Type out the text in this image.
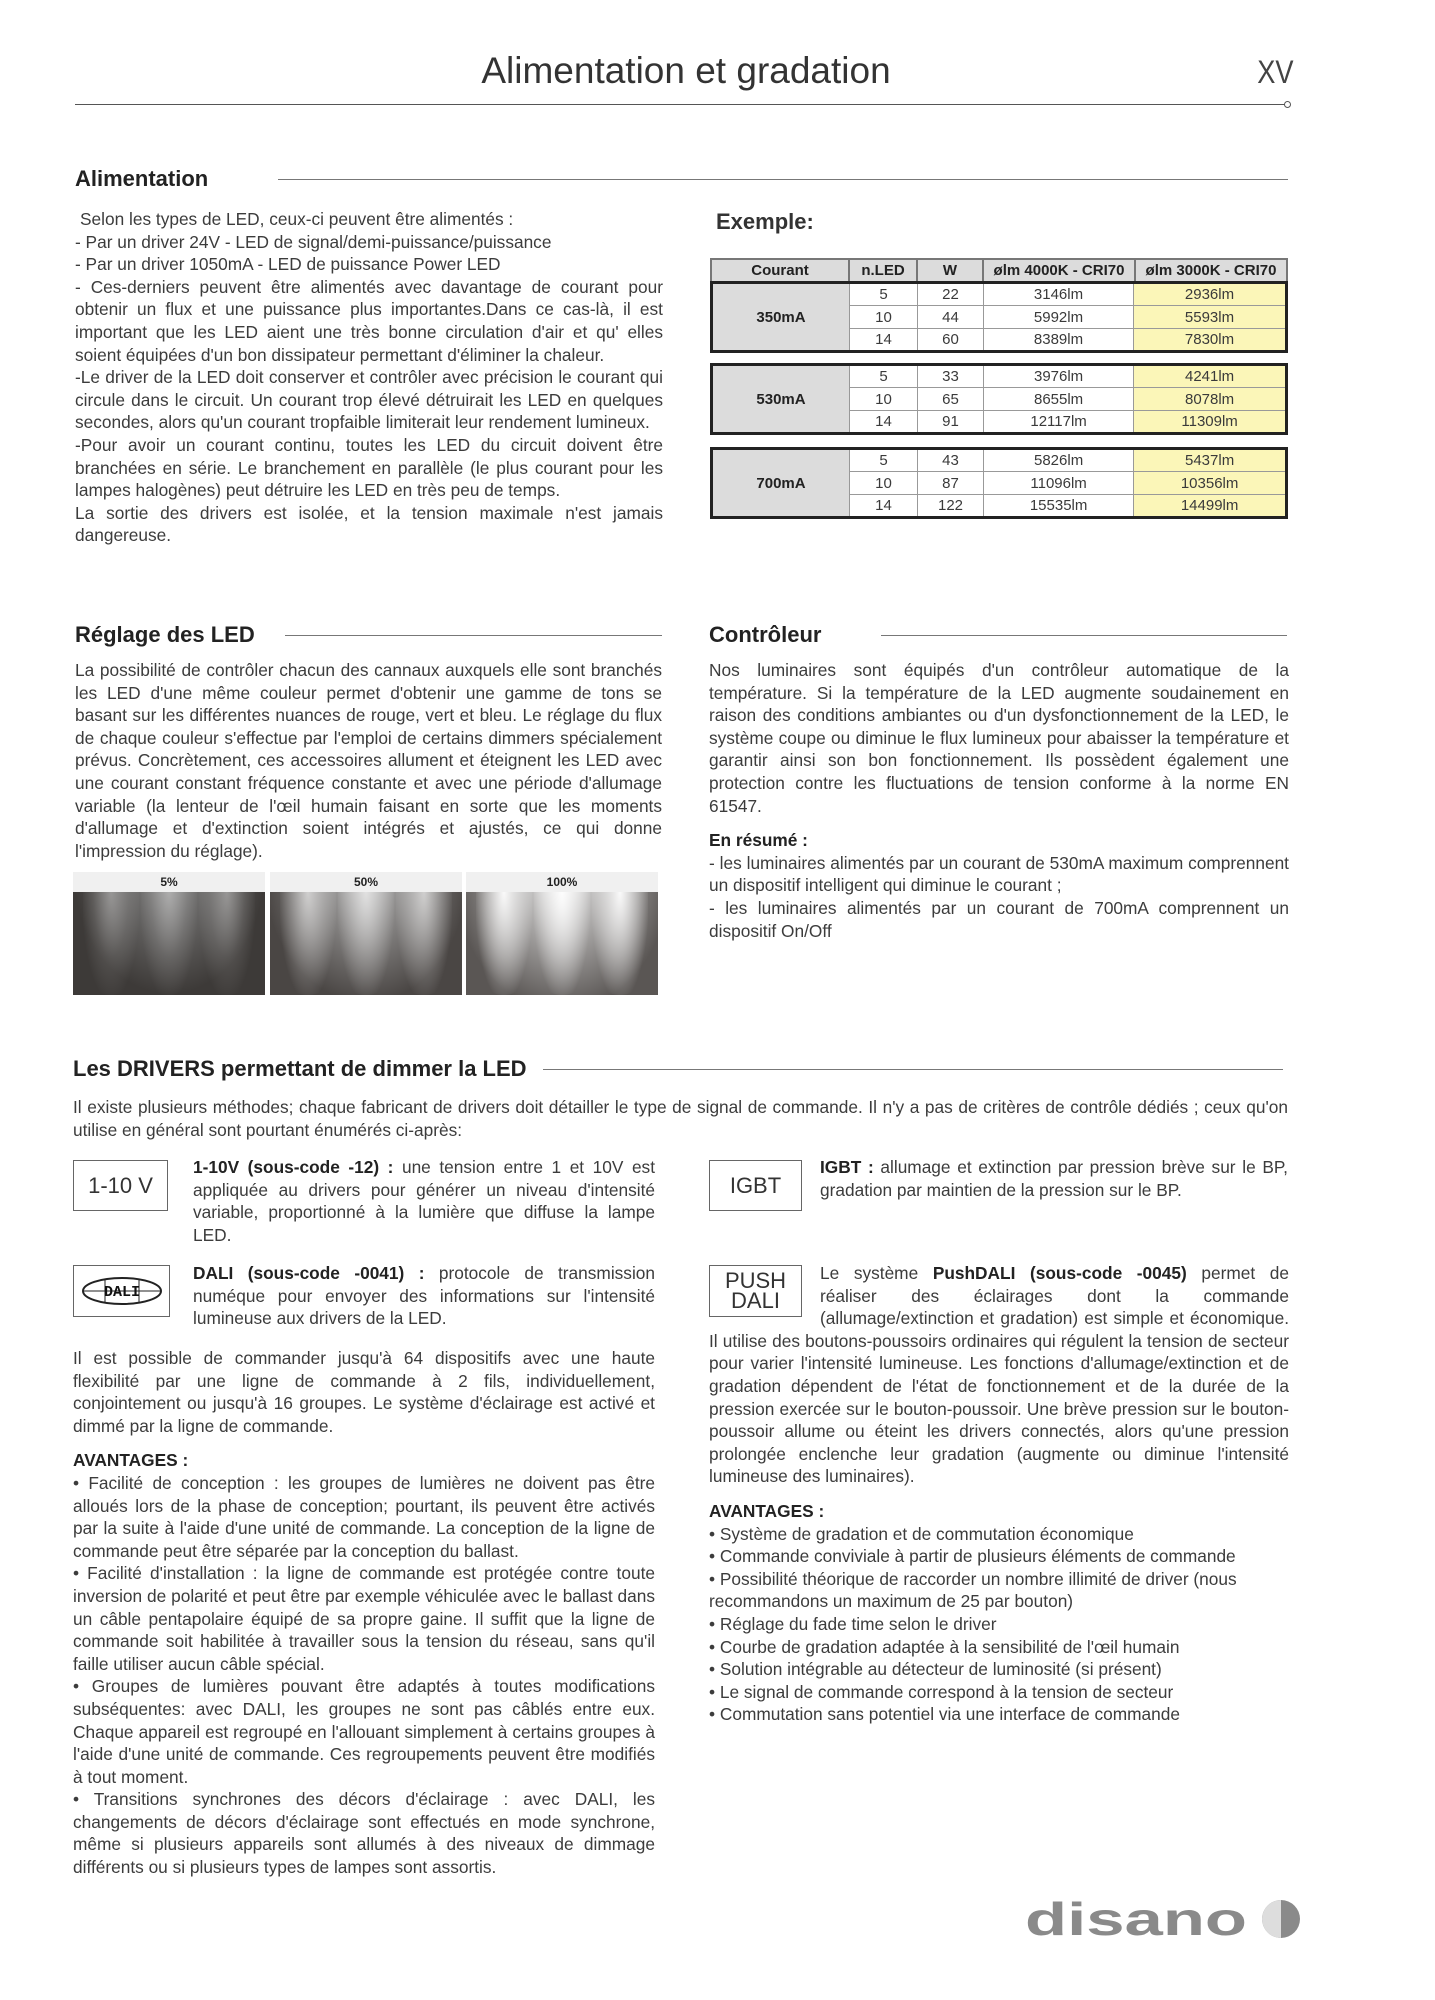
Alimentation et gradation	XV
Alimentation

Selon les types de LED, ceux-ci peuvent être alimentés :

- Par un driver 24V - LED de signal/demi-puissance/puissance

- Par un driver 1050mA - LED de puissance Power LED

- Ces-derniers peuvent être alimentés avec davantage de courant pour obtenir un flux et une puissance plus importantes.Dans ce cas-là, il est important que les LED aient une très bonne circulation d'air et qu' elles soient équipées d'un bon dissipateur permettant d'éliminer la chaleur.

-Le driver de la LED doit conserver et contrôler avec précision le courant qui circule dans le circuit. Un courant trop élevé détruirait les LED en quelques secondes, alors qu'un courant tropfaible limiterait leur rendement lumineux.

-Pour avoir un courant continu, toutes les LED du circuit doivent être branchées en série. Le branchement en parallèle (le plus courant pour les lampes halogènes) peut détruire les LED en très peu de temps.

La sortie des drivers est isolée, et la tension maximale n'est jamais dangereuse.

Exemple:
Courant	n.LED	W	ølm 4000K - CRI70	ølm 3000K - CRI70
350mA	5	22	3146lm	2936lm
	10	44	5992lm	5593lm
	14	60	8389lm	7830lm
530mA	5	33	3976lm	4241lm
	10	65	8655lm	8078lm
	14	91	12117lm	11309lm
700mA	5	43	5826lm	5437lm
	10	87	11096lm	10356lm
	14	122	15535lm	14499lm
Réglage des LED
La possibilité de contrôler chacun des cannaux auxquels elle sont branchés les LED d'une même couleur permet d'obtenir une gamme de tons se basant sur les différentes nuances de rouge, vert et bleu. Le réglage du flux de chaque couleur s'effectue par l'emploi de certains dimmers spécialement prévus. Concrètement, ces accessoires allument et éteignent les LED avec une courant constant fréquence constante et avec une période d'allumage variable (la lenteur de l'œil humain faisant en sorte que les moments d'allumage et d'extinction soient intégrés et ajustés, ce qui donne l'impression du réglage).
5%	50%	100%
Contrôleur

Nos luminaires sont équipés d'un contrôleur automatique de la température. Si la température de la LED augmente soudainement en raison des conditions ambiantes ou d'un dysfonctionnement de la LED, le système coupe ou diminue le flux lumineux pour abaisser la température et garantir ainsi son bon fonctionnement. Ils possèdent également une protection contre les fluctuations de tension conforme à la norme EN 61547.

En résumé :

- les luminaires alimentés par un courant de 530mA maximum comprennent un dispositif intelligent qui diminue le courant ;

- les luminaires alimentés par un courant de 700mA comprennent un dispositif On/Off

Les DRIVERS permettant de dimmer la LED
Il existe plusieurs méthodes; chaque fabricant de drivers doit détailler le type de signal de commande. Il n'y a pas de critères de contrôle dédiés ; ceux qu'on utilise en général sont pourtant énumérés ci-après:
1-10 V
1-10V (sous-code -12) : une tension entre 1 et 10V est appliquée au drivers pour générer un niveau d'intensité variable, proportionné à la lumière que diffuse la lampe LED.
DALI
DALI (sous-code -0041) : protocole de transmission numéque pour envoyer des informations sur l'intensité lumineuse aux drivers de la LED.

Il est possible de commander jusqu'à 64 dispositifs avec une haute flexibilité par une ligne de commande à 2 fils, individuellement, conjointement ou jusqu'à 16 groupes. Le système d'éclairage est activé et dimmé par la ligne de commande.

AVANTAGES :

• Facilité de conception : les groupes de lumières ne doivent pas être alloués lors de la phase de conception; pourtant, ils peuvent être activés par la suite à l'aide d'une unité de commande. La conception de la ligne de commande peut être séparée par la conception du ballast.

• Facilité d'installation : la ligne de commande est protégée contre toute inversion de polarité et peut être par exemple véhiculée avec le ballast dans un câble pentapolaire équipé de sa propre gaine. Il suffit que la ligne de commande soit habilitée à travailler sous la tension du réseau, sans qu'il faille utiliser aucun câble spécial.

• Groupes de lumières pouvant être adaptés à toutes modifications subséquentes: avec DALI, les groupes ne sont pas câblés entre eux. Chaque appareil est regroupé en l'allouant simplement à certains groupes à l'aide d'une unité de commande. Ces regroupements peuvent être modifiés à tout moment.

• Transitions synchrones des décors d'éclairage : avec DALI, les changements de décors d'éclairage sont effectués en mode synchrone, même si plusieurs appareils sont allumés à des niveaux de dimmage différents ou si plusieurs types de lampes sont assortis.

IGBT
IGBT : allumage et extinction par pression brève sur le BP, gradation par maintien de la pression sur le BP.
PUSH
DALI

Le système PushDALI (sous-code -0045) permet de réaliser des éclairages dont la commande (allumage/extinction et gradation) est simple et économique. Il utilise des boutons-poussoirs ordinaires qui régulent la tension de secteur pour varier l'intensité lumineuse. Les fonctions d'allumage/extinction et de gradation dépendent de l'état de fonctionnement et de la durée de la pression exercée sur le bouton-poussoir. Une brève pression sur le bouton-poussoir allume ou éteint les drivers connectés, alors qu'une pression prolongée enclenche leur gradation (augmente ou diminue l'intensité lumineuse des luminaires).

AVANTAGES :

• Système de gradation et de commutation économique

• Commande conviviale à partir de plusieurs éléments de commande

• Possibilité théorique de raccorder un nombre illimité de driver (nous recommandons un maximum de 25 par bouton)

• Réglage du fade time selon le driver

• Courbe de gradation adaptée à la sensibilité de l'œil humain

• Solution intégrable au détecteur de luminosité (si présent)

• Le signal de commande correspond à la tension de secteur

• Commutation sans potentiel via une interface de commande

disano
